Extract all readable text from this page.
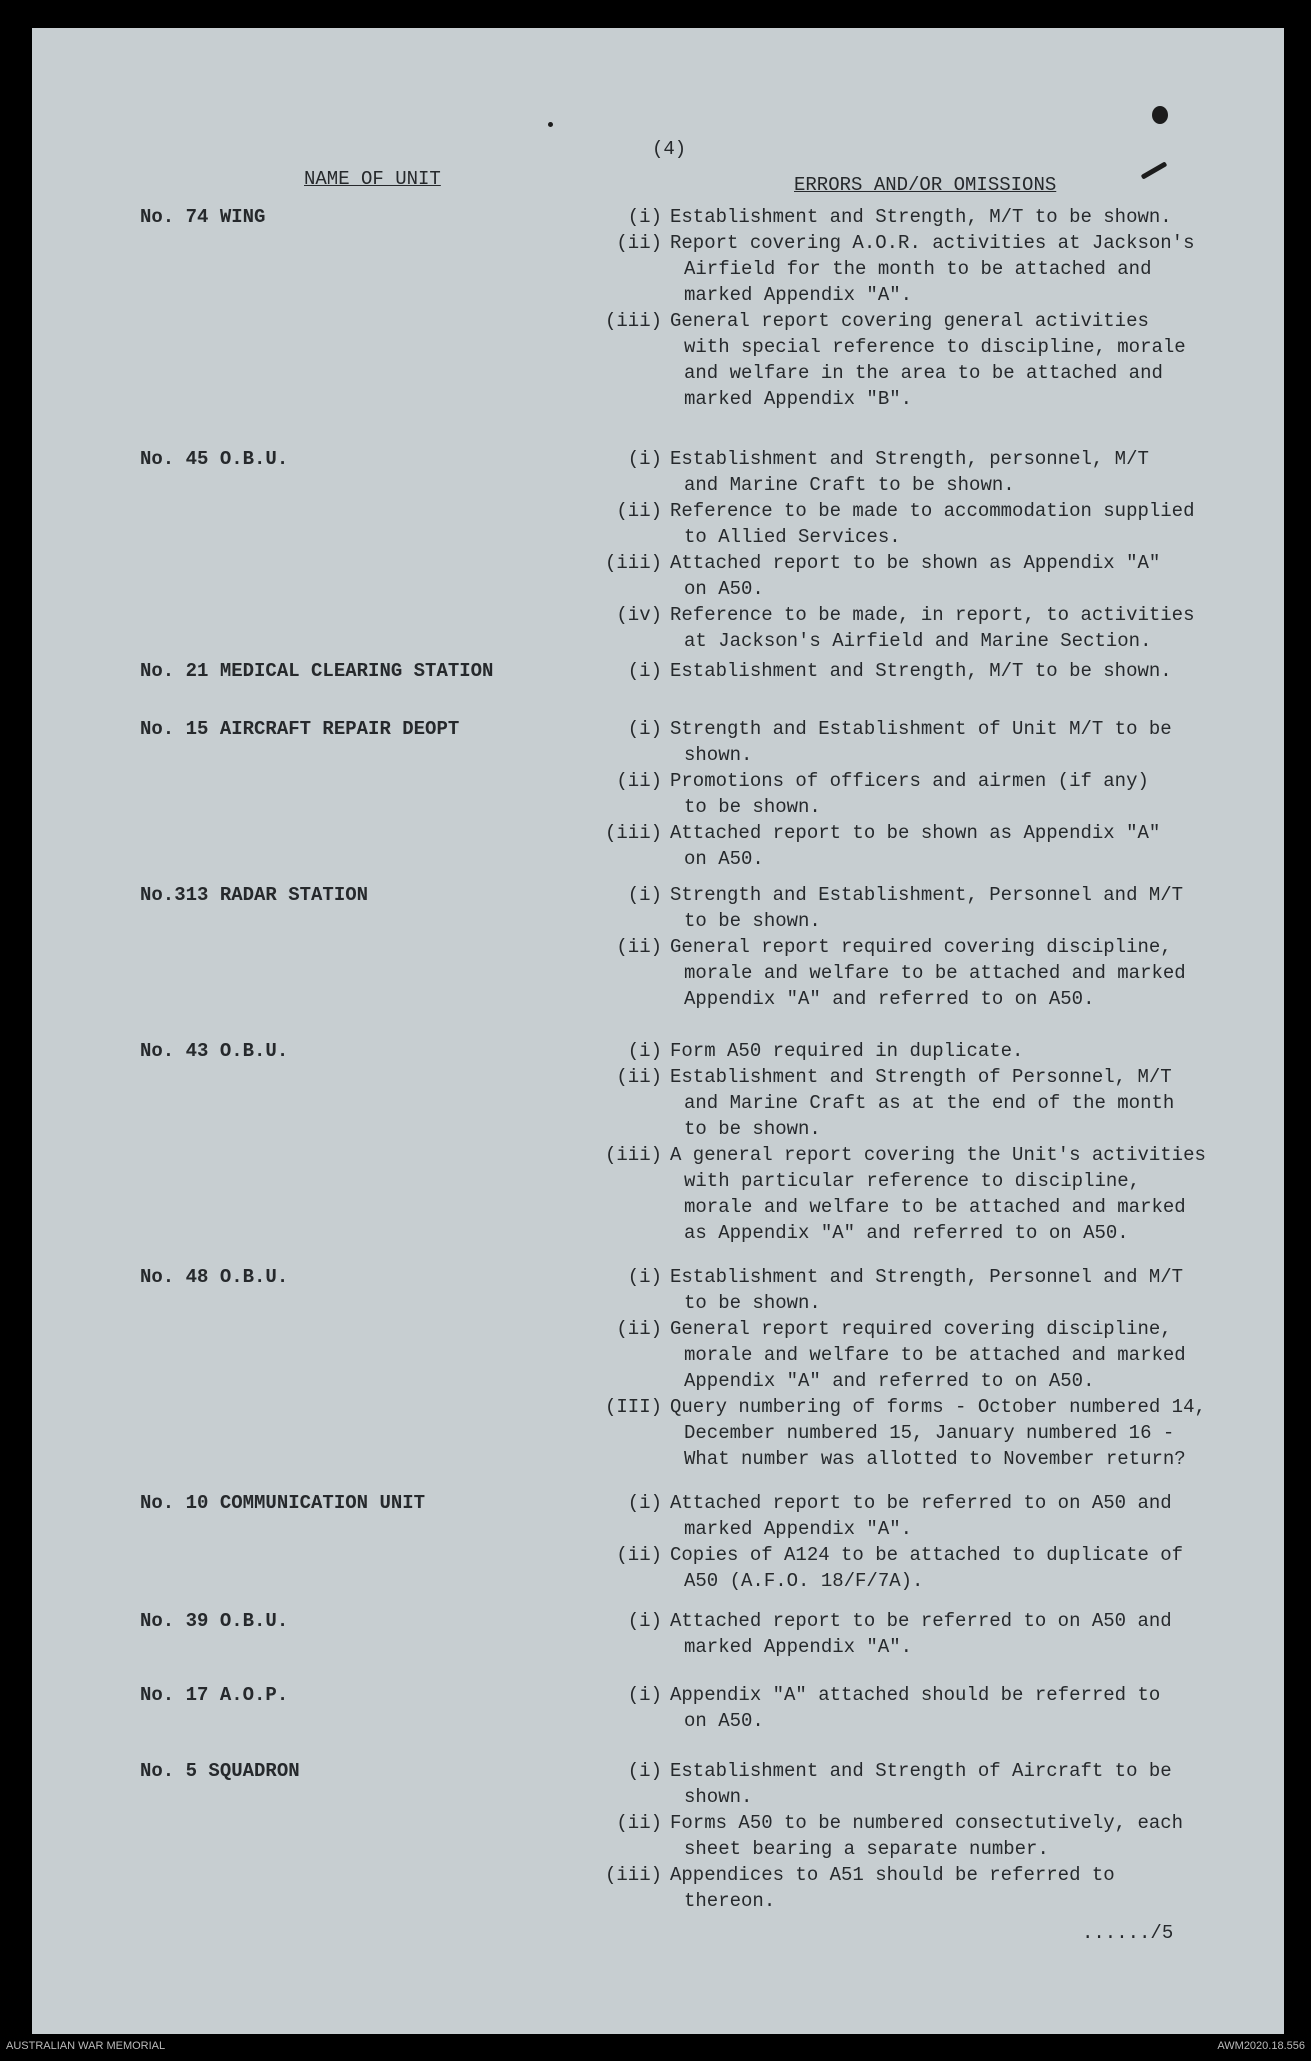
(4)
NAME OF UNIT	ERRORS AND/OR OMISSIONS
No. 74 WING	(i) Establishment and Strength, M/T to be shown.
(ii) Report covering A.O.R. activities at Jackson's
Airfield for the month to be attached and
marked Appendix "A".
(iii) General report covering general activities
with special reference to discipline, morale
and welfare in the area to be attached and
marked Appendix "B".
No. 45 O.B.U.	(i) Establishment and Strength, personnel, M/T
and Marine Craft to be shown.
(ii) Reference to be made to accommodation supplied
to Allied Services.
(iii) Attached report to be shown as Appendix "A"
on A50.
(iv) Reference to be made, in report, to activities
at Jackson's Airfield and Marine Section.
No. 21 MEDICAL CLEARING STATION	(i) Establishment and Strength, M/T to be shown.
No. 15 AIRCRAFT REPAIR DEOPT	(i) Strength and Establishment of Unit M/T to be
shown.
(ii) Promotions of officers and airmen (if any)
to be shown.
(iii) Attached report to be shown as Appendix "A"
on A50.
No.313 RADAR STATION	(i) Strength and Establishment, Personnel and M/T
to be shown.
(ii) General report required covering discipline,
morale and welfare to be attached and marked
Appendix "A" and referred to on A50.
No. 43 O.B.U.	(i) Form A50 required in duplicate.
(ii) Establishment and Strength of Personnel, M/T
and Marine Craft as at the end of the month
to be shown.
(iii) A general report covering the Unit's activities
with particular reference to discipline,
morale and welfare to be attached and marked
as Appendix "A" and referred to on A50.
No. 48 O.B.U.	(i) Establishment and Strength, Personnel and M/T
to be shown.
(ii) General report required covering discipline,
morale and welfare to be attached and marked
Appendix "A" and referred to on A50.
(III) Query numbering of forms - October numbered 14,
December numbered 15, January numbered 16 -
What number was allotted to November return?
No. 10 COMMUNICATION UNIT	(i) Attached report to be referred to on A50 and
marked Appendix "A".
(ii) Copies of A124 to be attached to duplicate of
A50 (A.F.O. 18/F/7A).
No. 39 O.B.U.	(i) Attached report to be referred to on A50 and
marked Appendix "A".
No. 17 A.O.P.	(i) Appendix "A" attached should be referred to
on A50.
No. 5 SQUADRON	(i) Establishment and Strength of Aircraft to be
shown.
(ii) Forms A50 to be numbered consectutively, each
sheet bearing a separate number.
(iii) Appendices to A51 should be referred to
thereon.
....../5
AUSTRALIAN WAR MEMORIAL	AWM2020.18.556
